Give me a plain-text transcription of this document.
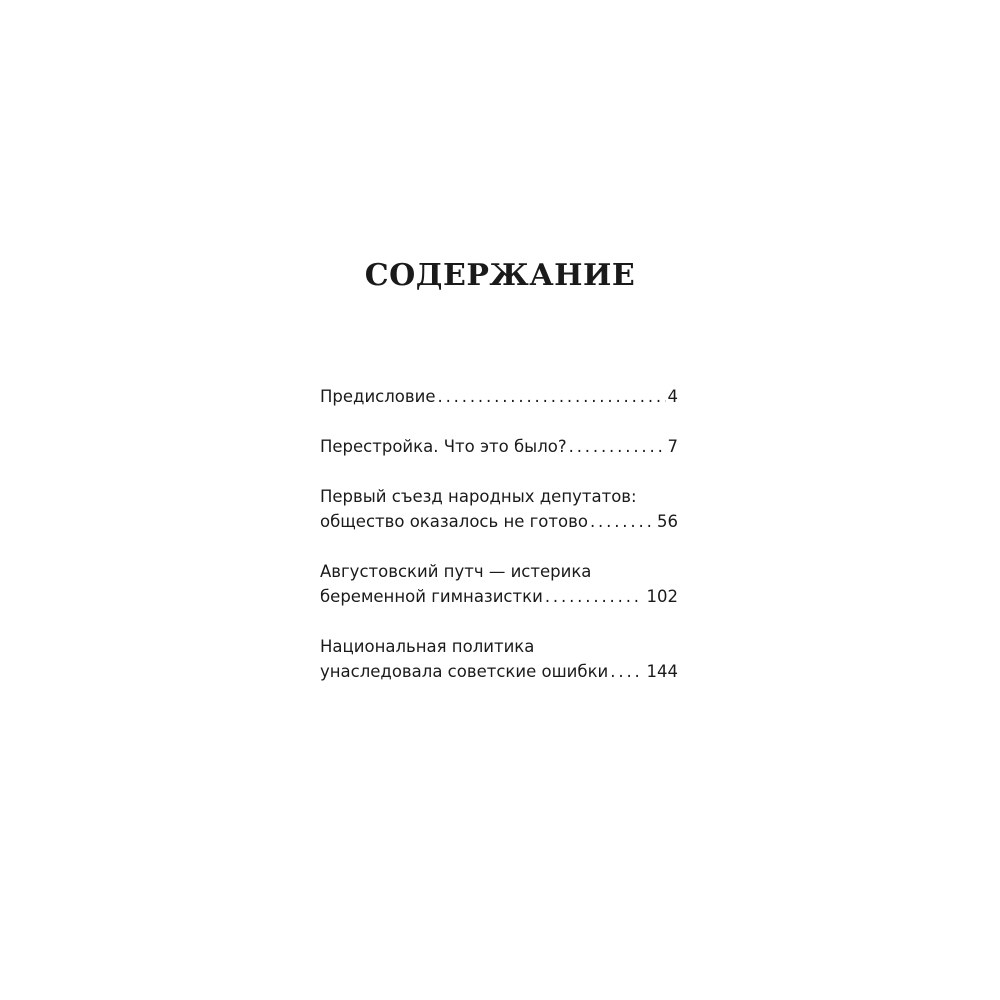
СОДЕРЖАНИЕ
Предисловие . . .	4
Перестройка. Что это было? . . .	7
Первый съезд народных депутатов:
общество оказалось не готово . . .	56
Августовский путч — истерика
беременной гимназистки . . .	102
Национальная политика
унаследовала советские ошибки . . . 144
